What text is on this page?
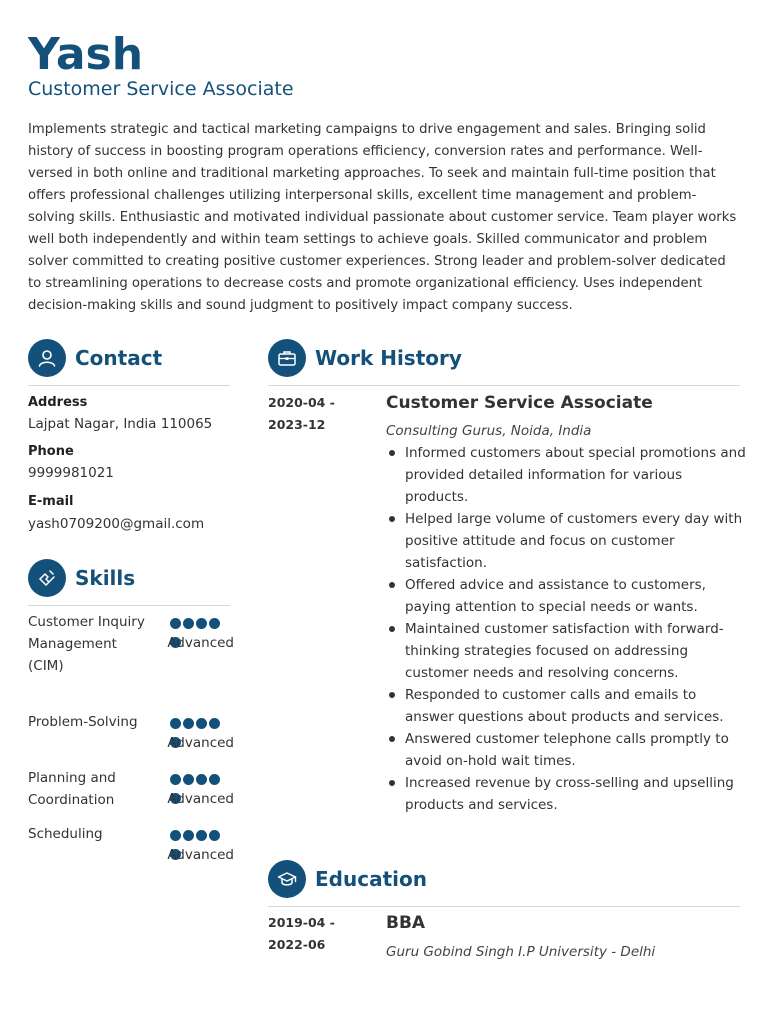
Yash
Customer Service Associate

Implements strategic and tactical marketing campaigns to drive engagement and sales. Bringing solid history of success in boosting program operations efficiency, conversion rates and performance. Well-versed in both online and traditional marketing approaches. To seek and maintain full-time position that offers professional challenges utilizing interpersonal skills, excellent time management and problem-solving skills. Enthusiastic and motivated individual passionate about customer service. Team player works well both independently and within team settings to achieve goals. Skilled communicator and problem solver committed to creating positive customer experiences. Strong leader and problem-solver dedicated to streamlining operations to decrease costs and promote organizational efficiency. Uses independent decision-making skills and sound judgment to positively impact company success.

Contact
Address
Lajpat Nagar, India 110065
Phone
9999981021
E-mail
yash0709200@gmail.com
Skills
Customer Inquiry Management (CIM)
Advanced
Problem-Solving
Advanced
Planning and Coordination	Advanced
Scheduling
Advanced
Work History
2020-04 -
2023-12
Customer Service Associate
Consulting Gurus, Noida, India
Informed customers about special promotions and provided detailed information for various products.
Helped large volume of customers every day with positive attitude and focus on customer satisfaction.
Offered advice and assistance to customers, paying attention to special needs or wants.
Maintained customer satisfaction with forward-thinking strategies focused on addressing customer needs and resolving concerns.
Responded to customer calls and emails to answer questions about products and services.
Answered customer telephone calls promptly to avoid on-hold wait times.
Increased revenue by cross-selling and upselling products and services.
Education
2019-04 -
2022-06
BBA
Guru Gobind Singh I.P University - Delhi
